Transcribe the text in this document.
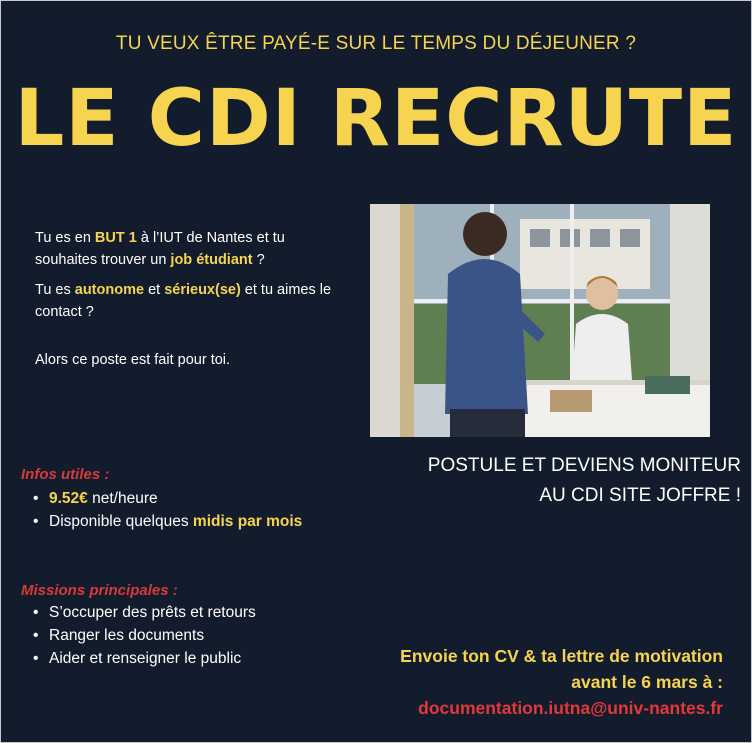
TU VEUX ÊTRE PAYÉ-E SUR LE TEMPS DU DÉJEUNER ?
LE CDI RECRUTE

Tu es en BUT 1 à l’IUT de Nantes et tu souhaites trouver un job étudiant ?

Tu es autonome et sérieux(se) et tu aimes le contact ?

Alors ce poste est fait pour toi.

POSTULE ET DEVIENS MONITEUR
AU CDI SITE JOFFRE !
Infos utiles :
• 9.52€ net/heure
• Disponible quelques midis par mois
Missions principales :
• S’occuper des prêts et retours
• Ranger les documents
• Aider et renseigner le public	Envoie ton CV & ta lettre de motivation
avant le 6 mars à :
documentation.iutna@univ-nantes.fr
